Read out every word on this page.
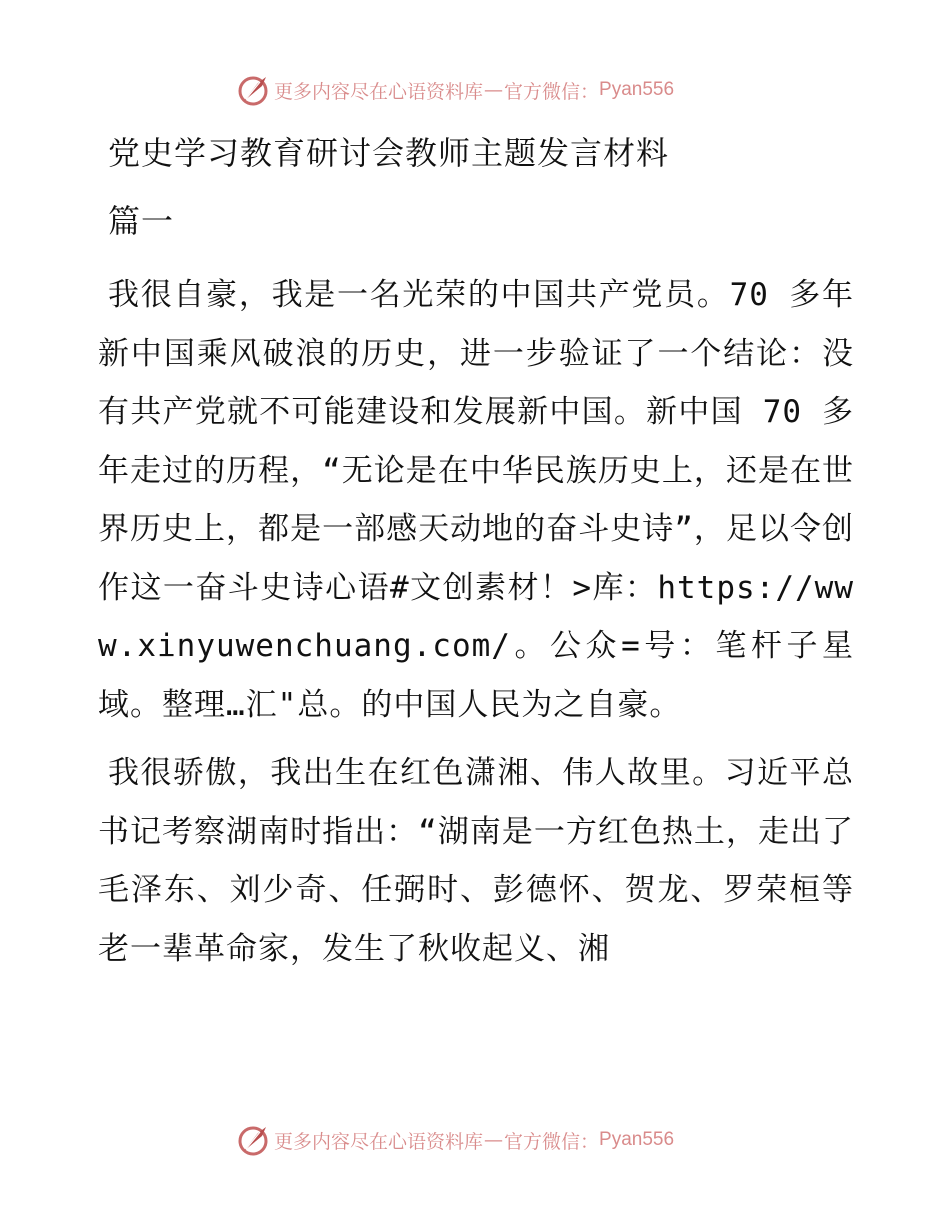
更多内容尽在心语资料库 — 官方微信： Pyan556
党史学习教育研讨会教师主题发言材料
篇一
我很自豪，我是一名光荣的中国共产党员。70 多年新中国乘风破浪的历史，进一步验证了一个结论：没有共产党就不可能建设和发展新中国。新中国 70 多年走过的历程，“无论是在中华民族历史上，还是在世界历史上，都是一部感天动地的奋斗史诗”，足以令创作这一奋斗史诗心语#文创素材！>库：https://www.xinyuwenchuang.com/。公众=号：笔杆子星域。整理…汇"总。的中国人民为之自豪。
我很骄傲，我出生在红色潇湘、伟人故里。习近平总书记考察湖南时指出：“湖南是一方红色热土，走出了毛泽东、刘少奇、任弼时、彭德怀、贺龙、罗荣桓等老一辈革命家，发生了秋收起义、湘
更多内容尽在心语资料库 — 官方微信： Pyan556
